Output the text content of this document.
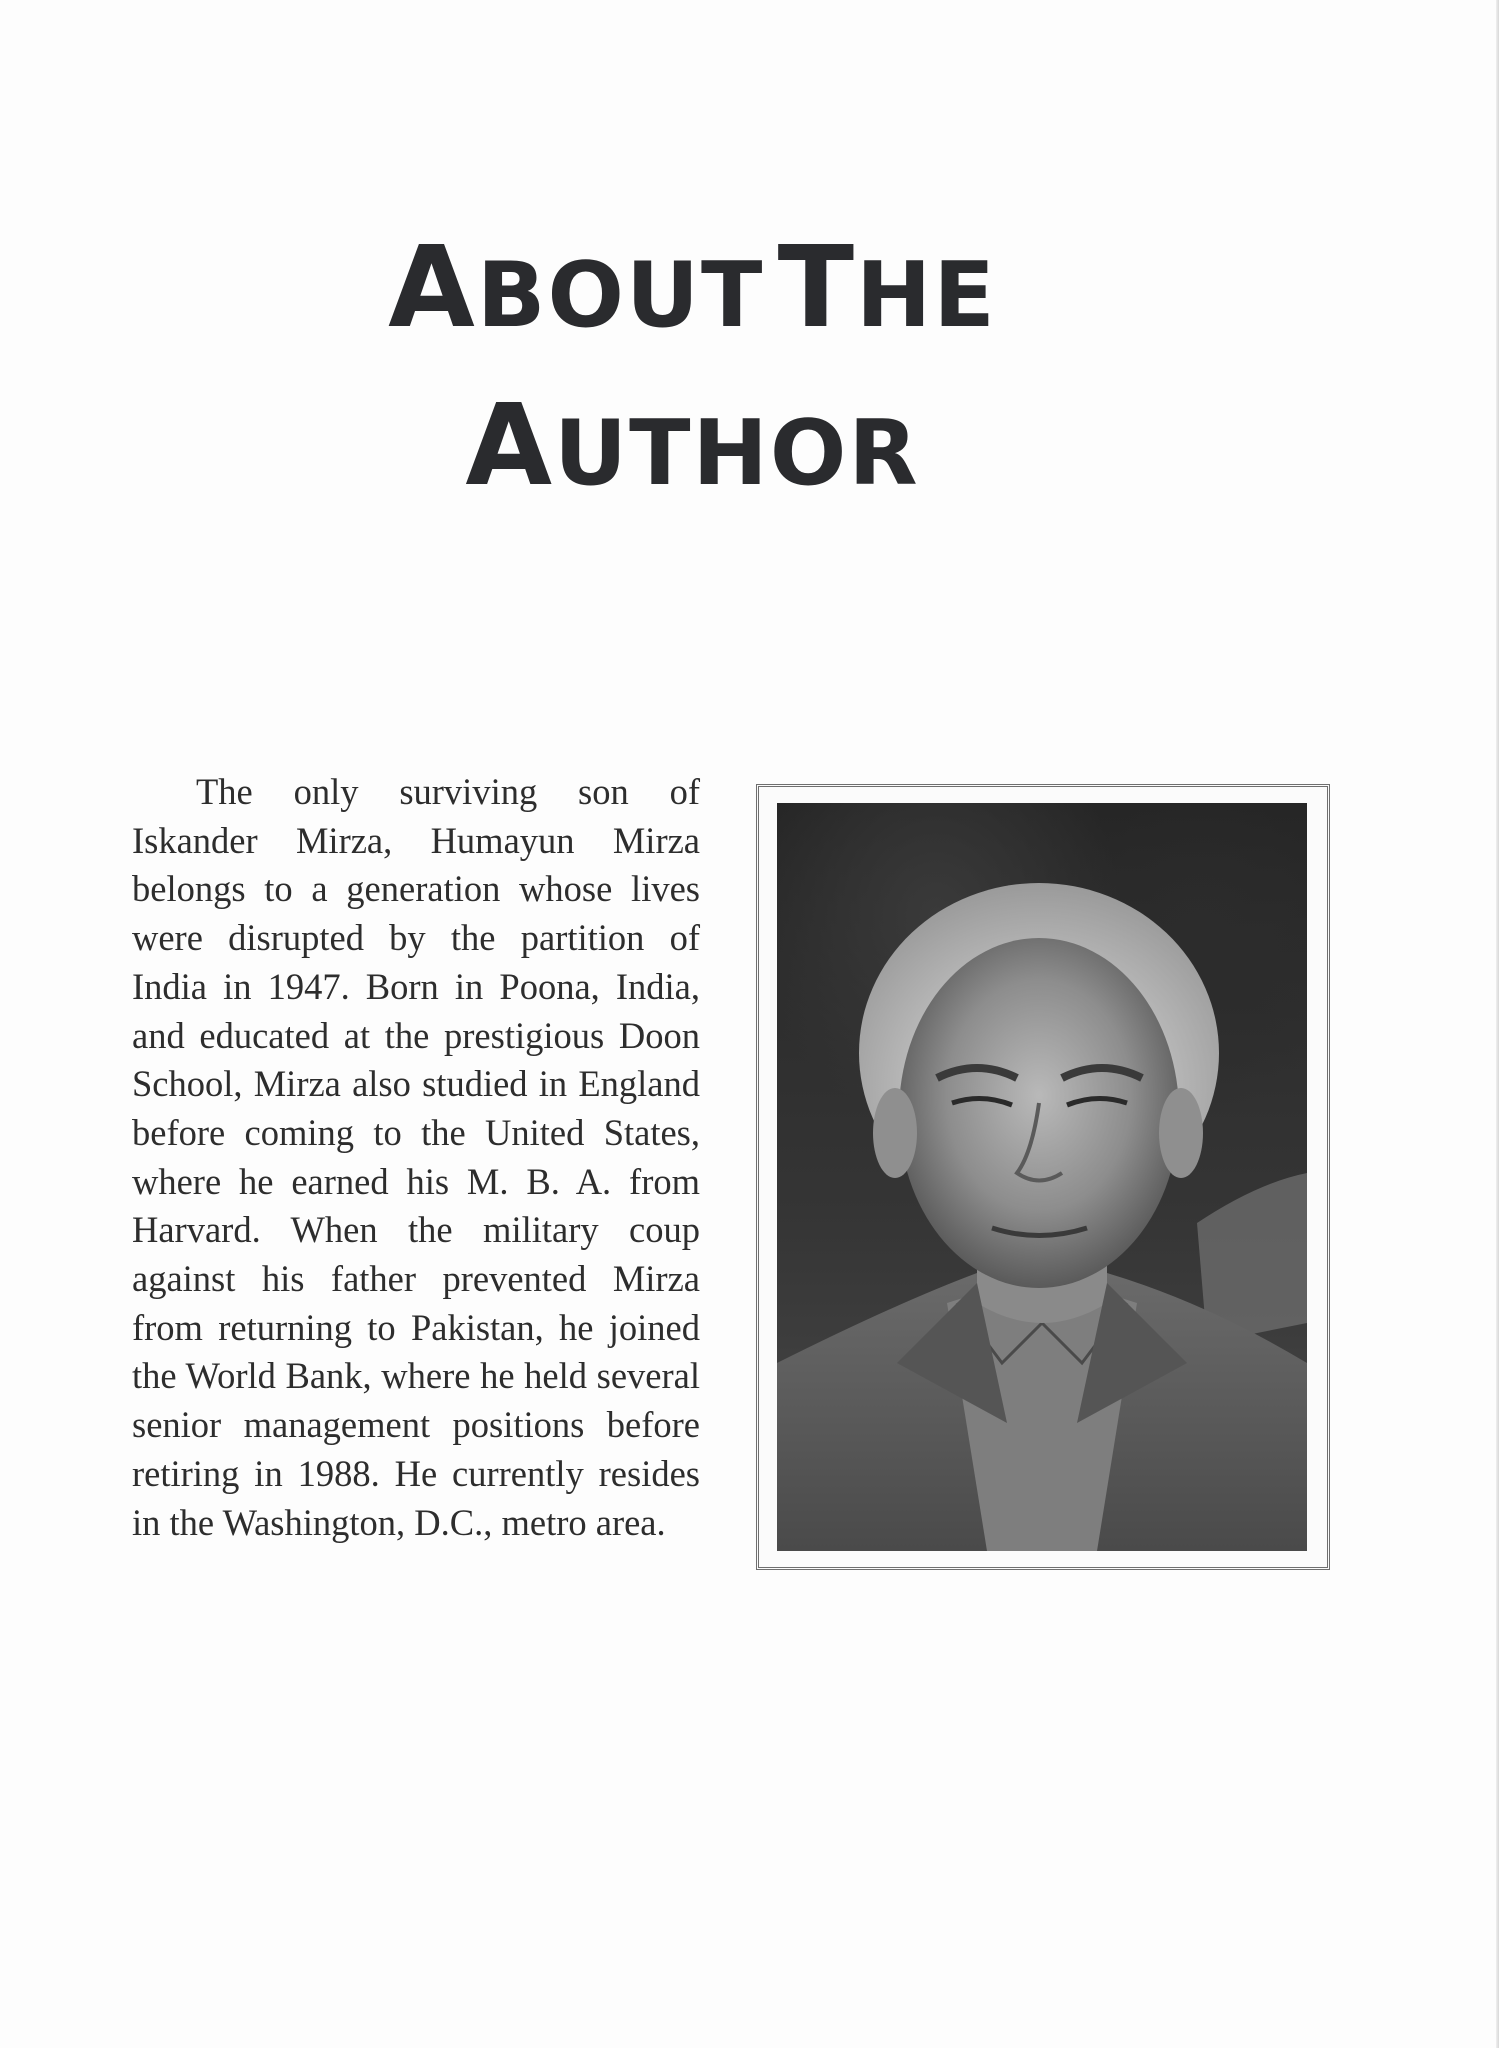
ABOUT THE
AUTHOR

The only surviving son of Iskander Mirza, Humayun Mirza belongs to a generation whose lives were disrupted by the partition of India in 1947. Born in Poona, India, and educated at the prestigious Doon School, Mirza also studied in England before coming to the United States, where he earned his M. B. A. from Harvard. When the military coup against his father prevented Mirza from returning to Pakistan, he joined the World Bank, where he held several senior management positions before retiring in 1988. He currently resides in the Washington, D.C., metro area.
